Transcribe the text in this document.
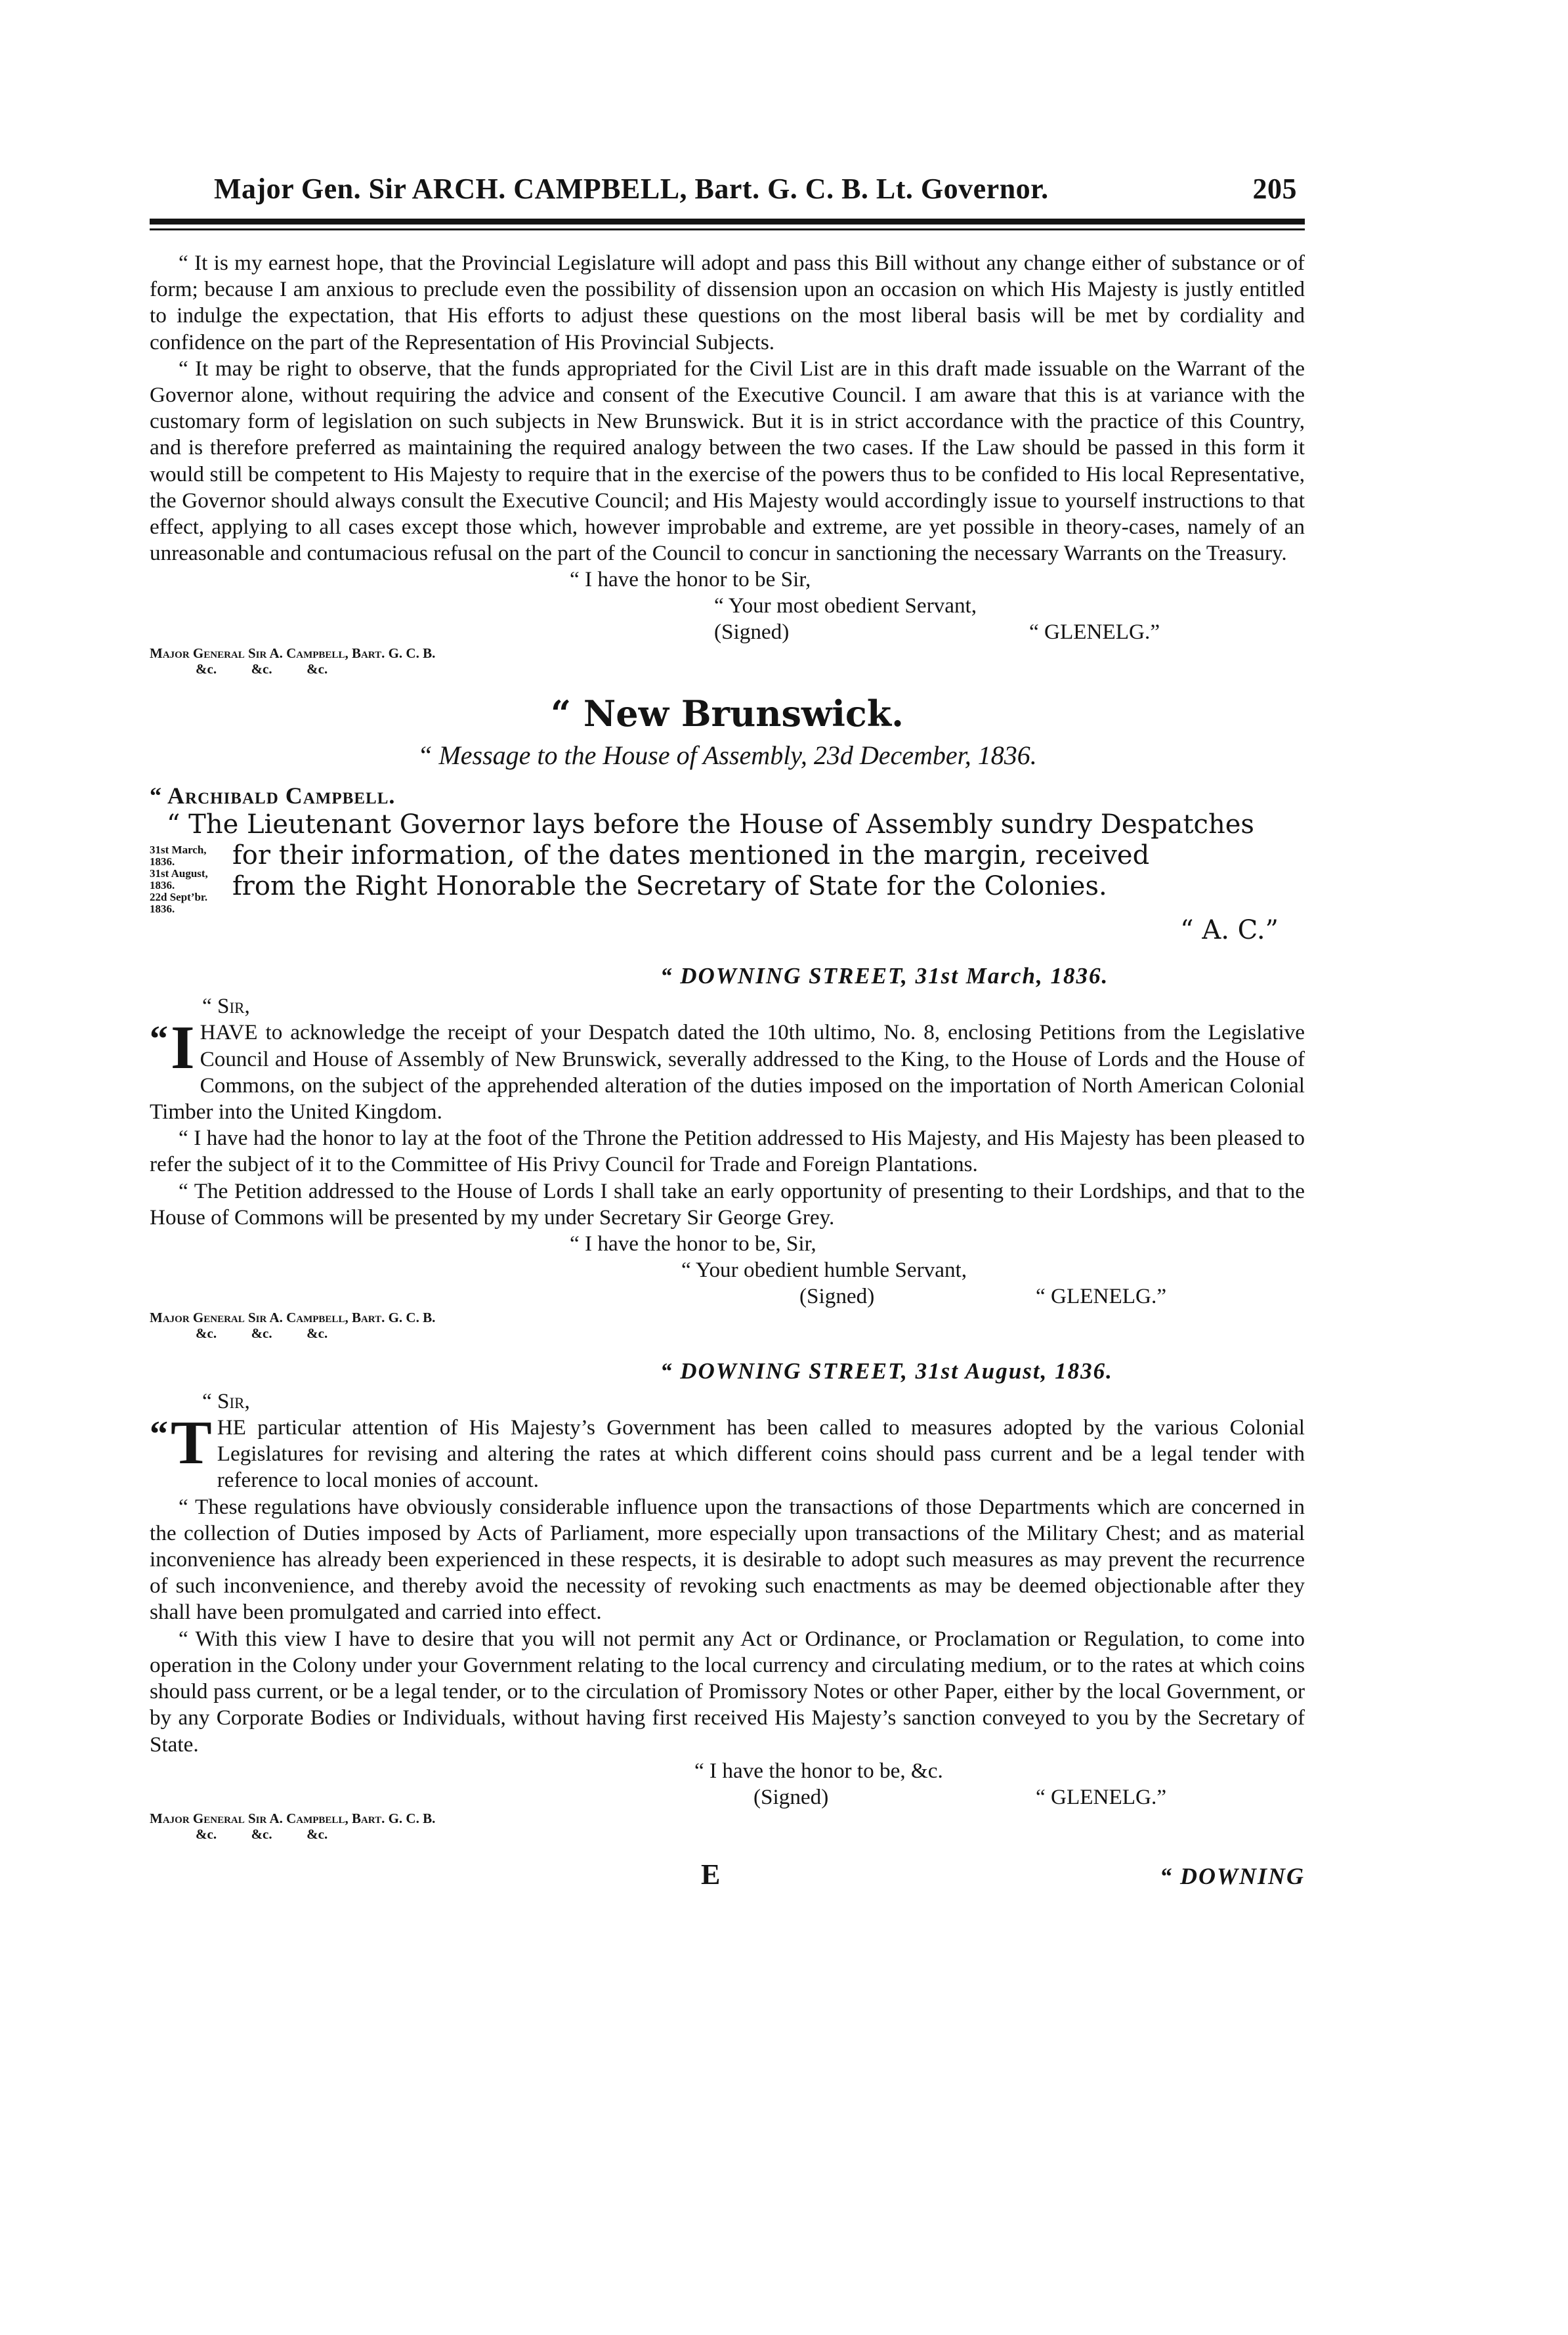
Major Gen. Sir ARCH. CAMPBELL, Bart. G. C. B. Lt. Governor.	205

“ It is my earnest hope, that the Provincial Legislature will adopt and pass this Bill without any change either of substance or of form; because I am anxious to preclude even the possibility of dissension upon an occasion on which His Majesty is justly entitled to indulge the expectation, that His efforts to adjust these questions on the most liberal basis will be met by cordiality and confidence on the part of the Representation of His Provincial Subjects.

“ It may be right to observe, that the funds appropriated for the Civil List are in this draft made issuable on the Warrant of the Governor alone, without requiring the advice and consent of the Executive Council. I am aware that this is at variance with the customary form of legislation on such subjects in New Brunswick. But it is in strict accordance with the practice of this Country, and is therefore preferred as maintaining the required analogy between the two cases. If the Law should be passed in this form it would still be competent to His Majesty to require that in the exercise of the powers thus to be confided to His local Representative, the Governor should always consult the Executive Council; and His Majesty would accordingly issue to yourself instructions to that effect, applying to all cases except those which, however improbable and extreme, are yet possible in theory-cases, namely of an unreasonable and contumacious refusal on the part of the Council to concur in sanctioning the necessary Warrants on the Treasury.

“ I have the honor to be Sir,

“ Your most obedient Servant,

(Signed)	“ GLENELG.”

Major General Sir A. Campbell, Bart. G. C. B.

&c.          &c.          &c.

“ New Brunswick.
“ Message to the House of Assembly, 23d December, 1836.

“ Archibald Campbell.

“ The Lieutenant Governor lays before the House of Assembly sundry Despatches

31st March, 1836.
31st August, 1836.
22d Sept’br. 1836.
for their information, of the dates mentioned in the margin, received
from the Right Honorable the Secretary of State for the Colonies.

“ A. C.”

“ DOWNING STREET, 31st March, 1836.

“ Sir,

“ I HAVE to acknowledge the receipt of your Despatch dated the 10th ultimo, No. 8, enclosing Petitions from the Legislative Council and House of Assembly of New Brunswick, severally addressed to the King, to the House of Lords and the House of Commons, on the subject of the apprehended alteration of the duties imposed on the importation of North American Colonial Timber into the United Kingdom.

“ I have had the honor to lay at the foot of the Throne the Petition addressed to His Majesty, and His Majesty has been pleased to refer the subject of it to the Committee of His Privy Council for Trade and Foreign Plantations.

“ The Petition addressed to the House of Lords I shall take an early opportunity of presenting to their Lordships, and that to the House of Commons will be presented by my under Secretary Sir George Grey.

“ I have the honor to be, Sir,

“ Your obedient humble Servant,

(Signed)	“ GLENELG.”

Major General Sir A. Campbell, Bart. G. C. B.

&c.          &c.          &c.

“ DOWNING STREET, 31st August, 1836.

“ Sir,

“ T HE particular attention of His Majesty’s Government has been called to measures adopted by the various Colonial Legislatures for revising and altering the rates at which different coins should pass current and be a legal tender with reference to local monies of account.

“ These regulations have obviously considerable influence upon the transactions of those Departments which are concerned in the collection of Duties imposed by Acts of Parliament, more especially upon transactions of the Military Chest; and as material inconvenience has already been experienced in these respects, it is desirable to adopt such measures as may prevent the recurrence of such inconvenience, and thereby avoid the necessity of revoking such enactments as may be deemed objectionable after they shall have been promulgated and carried into effect.

“ With this view I have to desire that you will not permit any Act or Ordinance, or Proclamation or Regulation, to come into operation in the Colony under your Government relating to the local currency and circulating medium, or to the rates at which coins should pass current, or be a legal tender, or to the circulation of Promissory Notes or other Paper, either by the local Government, or by any Corporate Bodies or Individuals, without having first received His Majesty’s sanction conveyed to you by the Secretary of State.

“ I have the honor to be, &c.

(Signed)	“ GLENELG.”

Major General Sir A. Campbell, Bart. G. C. B.

&c.          &c.          &c.

E	“ DOWNING
